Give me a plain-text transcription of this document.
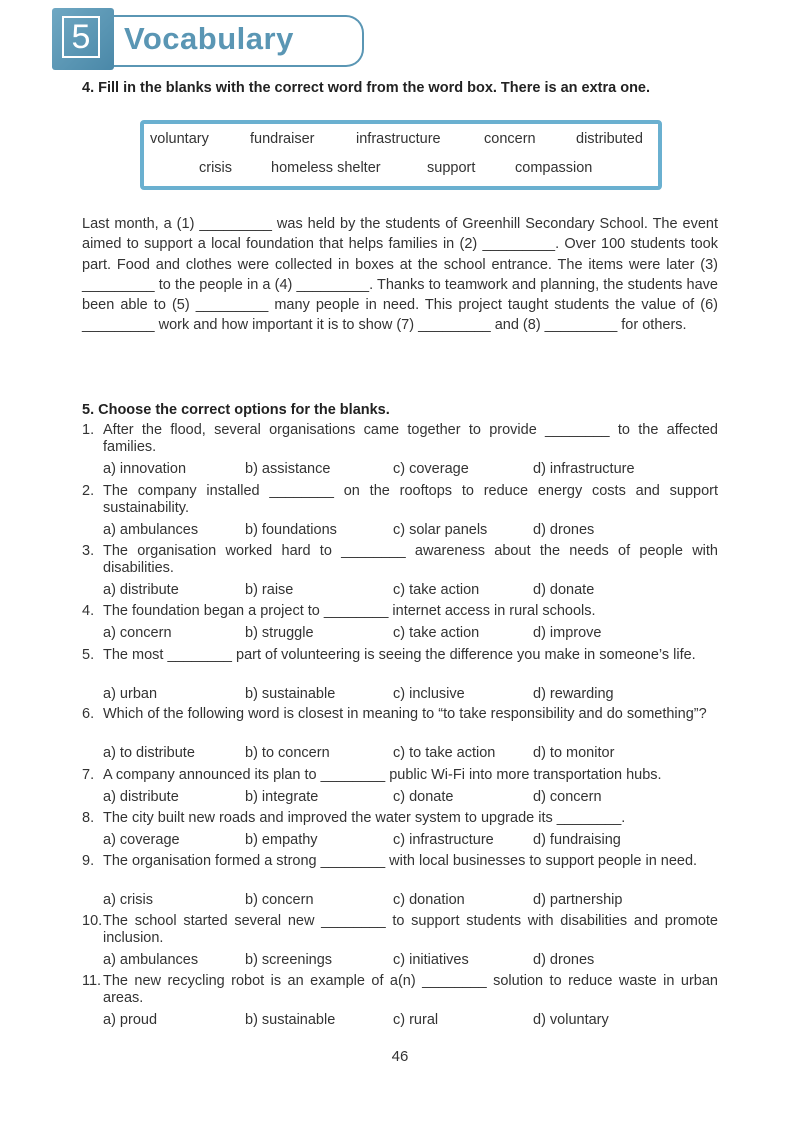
5	Vocabulary
4. Fill in the blanks with the correct word from the word box. There is an extra one.
voluntary	fundraiser	infrastructure	concern	distributed
crisis	homeless shelter	support	compassion
Last month, a (1) _________ was held by the students of Greenhill Secondary School. The event aimed to support a local foundation that helps families in (2) _________. Over 100 students took part. Food and clothes were collected in boxes at the school entrance. The items were later (3) _________ to the people in a (4) _________. Thanks to teamwork and planning, the students have been able to (5) _________ many people in need. This project taught students the value of (6) _________ work and how important it is to show (7) _________ and (8) _________ for others.
5. Choose the correct options for the blanks.
1. After the flood, several organisations came together to provide ________ to the affected families.
a) innovation	b) assistance	c) coverage	d) infrastructure
2. The company installed ________ on the rooftops to reduce energy costs and support sustainability.
a) ambulances	b) foundations	c) solar panels	d) drones
3. The organisation worked hard to ________ awareness about the needs of people with disabilities.
a) distribute	b) raise	c) take action	d) donate
4. The foundation began a project to ________ internet access in rural schools.
a) concern	b) struggle	c) take action	d) improve
5. The most ________ part of volunteering is seeing the difference you make in someone’s life.
a) urban	b) sustainable	c) inclusive	d) rewarding
6. Which of the following word is closest in meaning to “to take responsibility and do something”?
a) to distribute	b) to concern	c) to take action	d) to monitor
7. A company announced its plan to ________ public Wi-Fi into more transportation hubs.
a) distribute	b) integrate	c) donate	d) concern
8. The city built new roads and improved the water system to upgrade its ________.
a) coverage	b) empathy	c) infrastructure	d) fundraising
9. The organisation formed a strong ________ with local businesses to support people in need.
a) crisis	b) concern	c) donation	d) partnership
10. The school started several new ________ to support students with disabilities and promote inclusion.
a) ambulances	b) screenings	c) initiatives	d) drones
11. The new recycling robot is an example of a(n) ________ solution to reduce waste in urban areas.
a) proud	b) sustainable	c) rural	d) voluntary
46
